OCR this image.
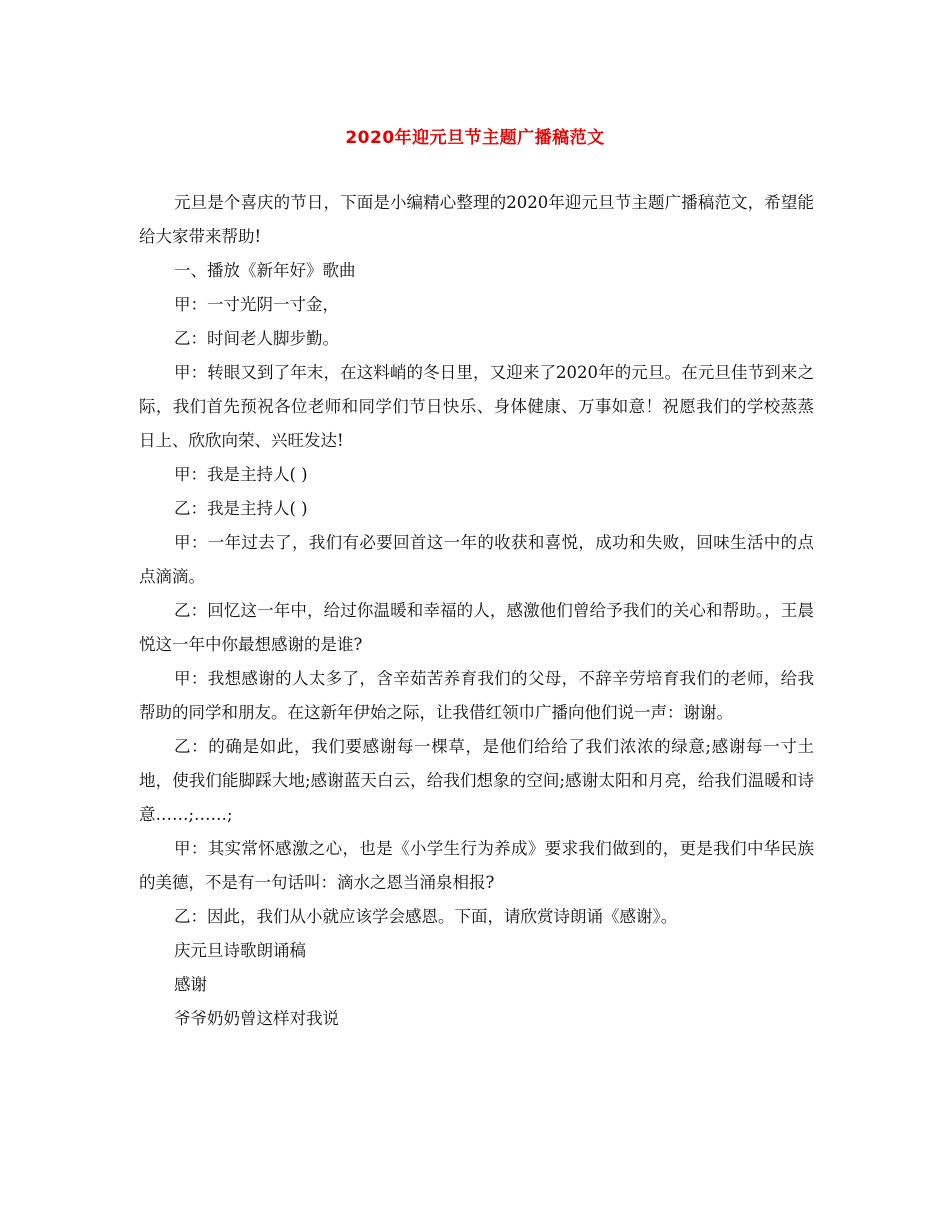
2020年迎元旦节主题广播稿范文

元旦是个喜庆的节日，下面是小编精心整理的2020年迎元旦节主题广播稿范文，希望能给大家带来帮助!

一、播放《新年好》歌曲

甲：一寸光阴一寸金，

乙：时间老人脚步勤。

甲：转眼又到了年末，在这料峭的冬日里，又迎来了2020年的元旦。在元旦佳节到来之际，我们首先预祝各位老师和同学们节日快乐、身体健康、万事如意！祝愿我们的学校蒸蒸日上、欣欣向荣、兴旺发达!

甲：我是主持人( )

乙：我是主持人( )

甲：一年过去了，我们有必要回首这一年的收获和喜悦，成功和失败，回味生活中的点点滴滴。

乙：回忆这一年中，给过你温暖和幸福的人，感激他们曾给予我们的关心和帮助。，王晨悦这一年中你最想感谢的是谁?

甲：我想感谢的人太多了，含辛茹苦养育我们的父母，不辞辛劳培育我们的老师，给我帮助的同学和朋友。在这新年伊始之际，让我借红领巾广播向他们说一声：谢谢。

乙：的确是如此，我们要感谢每一棵草，是他们给给了我们浓浓的绿意;感谢每一寸土地，使我们能脚踩大地;感谢蓝天白云，给我们想象的空间;感谢太阳和月亮，给我们温暖和诗意……;……;

甲：其实常怀感激之心，也是《小学生行为养成》要求我们做到的，更是我们中华民族的美德，不是有一句话叫：滴水之恩当涌泉相报?

乙：因此，我们从小就应该学会感恩。下面，请欣赏诗朗诵《感谢》。

庆元旦诗歌朗诵稿

感谢

爷爷奶奶曾这样对我说
